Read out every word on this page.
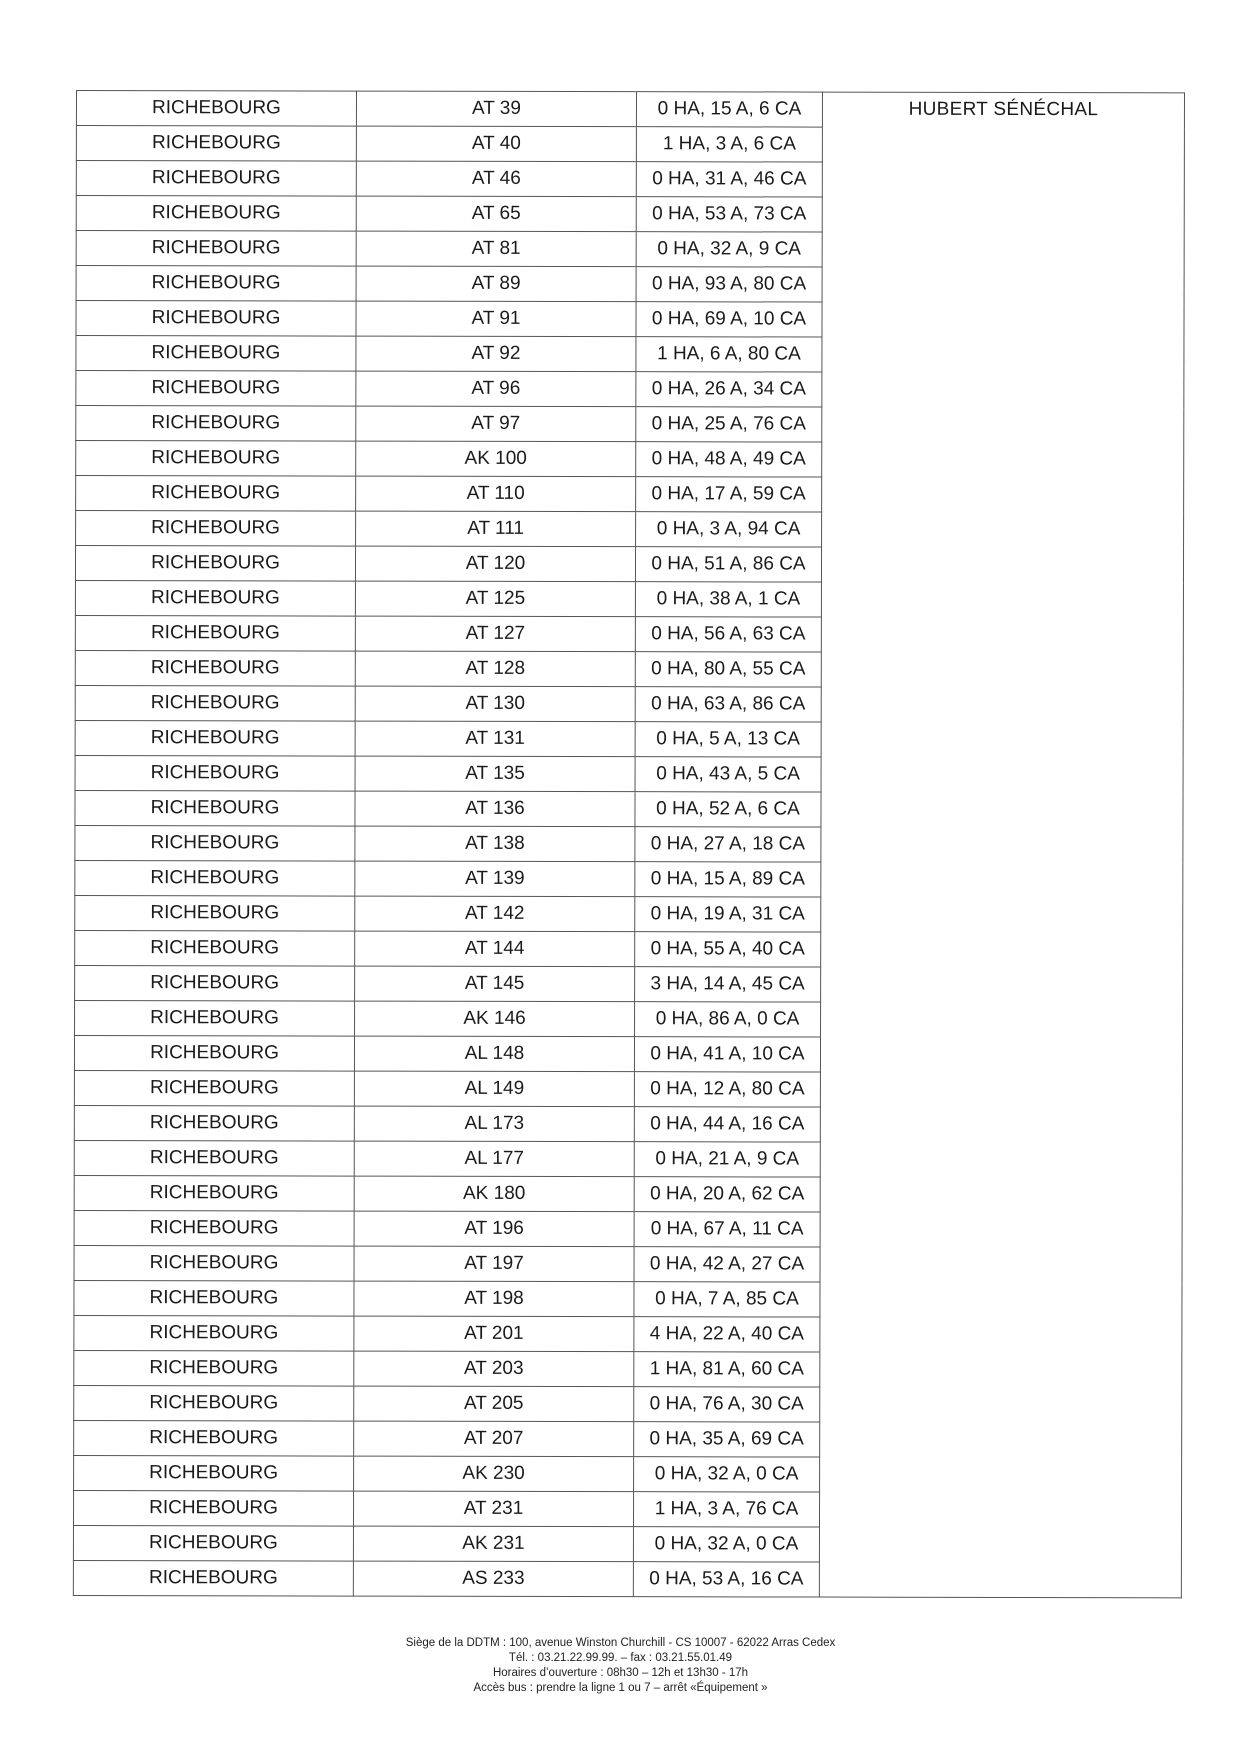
RICHEBOURG	AT 39	0 HA, 15 A, 6 CA	HUBERT SÉNÉCHAL
RICHEBOURG	AT 40	1 HA, 3 A, 6 CA	
RICHEBOURG	AT 46	0 HA, 31 A, 46 CA	
RICHEBOURG	AT 65	0 HA, 53 A, 73 CA	
RICHEBOURG	AT 81	0 HA, 32 A, 9 CA	
RICHEBOURG	AT 89	0 HA, 93 A, 80 CA	
RICHEBOURG	AT 91	0 HA, 69 A, 10 CA	
RICHEBOURG	AT 92	1 HA, 6 A, 80 CA	
RICHEBOURG	AT 96	0 HA, 26 A, 34 CA	
RICHEBOURG	AT 97	0 HA, 25 A, 76 CA	
RICHEBOURG	AK 100	0 HA, 48 A, 49 CA	
RICHEBOURG	AT 110	0 HA, 17 A, 59 CA	
RICHEBOURG	AT 111	0 HA, 3 A, 94 CA	
RICHEBOURG	AT 120	0 HA, 51 A, 86 CA	
RICHEBOURG	AT 125	0 HA, 38 A, 1 CA	
RICHEBOURG	AT 127	0 HA, 56 A, 63 CA	
RICHEBOURG	AT 128	0 HA, 80 A, 55 CA	
RICHEBOURG	AT 130	0 HA, 63 A, 86 CA	
RICHEBOURG	AT 131	0 HA, 5 A, 13 CA	
RICHEBOURG	AT 135	0 HA, 43 A, 5 CA	
RICHEBOURG	AT 136	0 HA, 52 A, 6 CA	
RICHEBOURG	AT 138	0 HA, 27 A, 18 CA	
RICHEBOURG	AT 139	0 HA, 15 A, 89 CA	
RICHEBOURG	AT 142	0 HA, 19 A, 31 CA	
RICHEBOURG	AT 144	0 HA, 55 A, 40 CA	
RICHEBOURG	AT 145	3 HA, 14 A, 45 CA	
RICHEBOURG	AK 146	0 HA, 86 A, 0 CA	
RICHEBOURG	AL 148	0 HA, 41 A, 10 CA	
RICHEBOURG	AL 149	0 HA, 12 A, 80 CA	
RICHEBOURG	AL 173	0 HA, 44 A, 16 CA	
RICHEBOURG	AL 177	0 HA, 21 A, 9 CA	
RICHEBOURG	AK 180	0 HA, 20 A, 62 CA	
RICHEBOURG	AT 196	0 HA, 67 A, 11 CA	
RICHEBOURG	AT 197	0 HA, 42 A, 27 CA	
RICHEBOURG	AT 198	0 HA, 7 A, 85 CA	
RICHEBOURG	AT 201	4 HA, 22 A, 40 CA	
RICHEBOURG	AT 203	1 HA, 81 A, 60 CA	
RICHEBOURG	AT 205	0 HA, 76 A, 30 CA	
RICHEBOURG	AT 207	0 HA, 35 A, 69 CA	
RICHEBOURG	AK 230	0 HA, 32 A, 0 CA	
RICHEBOURG	AT 231	1 HA, 3 A, 76 CA	
RICHEBOURG	AK 231	0 HA, 32 A, 0 CA	
RICHEBOURG	AS 233	0 HA, 53 A, 16 CA	
Siège de la DDTM : 100, avenue Winston Churchill - CS 10007 - 62022 Arras Cedex
Tél. : 03.21.22.99.99. – fax : 03.21.55.01.49
Horaires d’ouverture : 08h30 – 12h et 13h30 - 17h
Accès bus : prendre la ligne 1 ou 7 – arrêt «Équipement »
